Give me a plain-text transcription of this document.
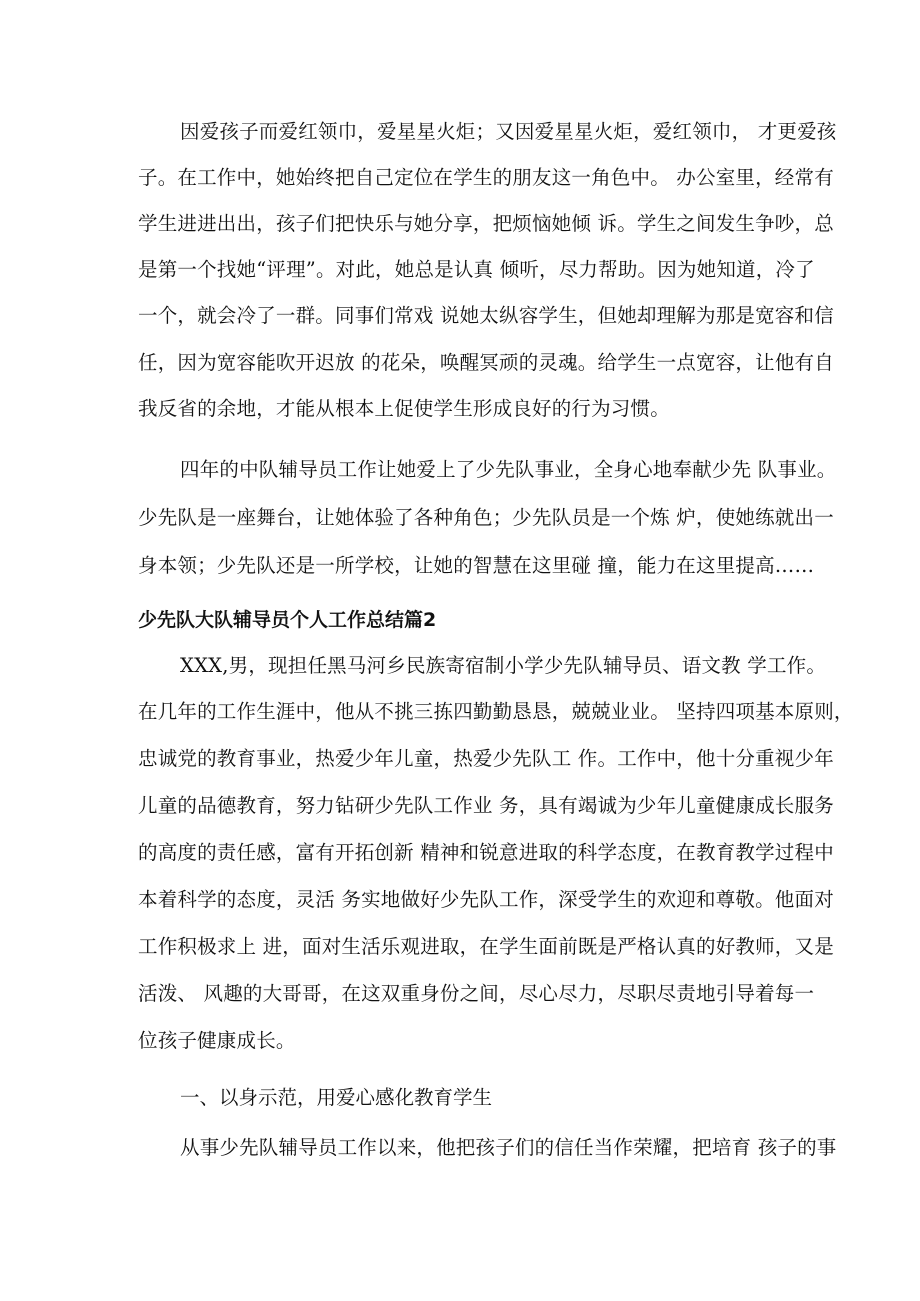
因爱孩子而爱红领巾，爱星星火炬；又因爱星星火炬，爱红领巾， 才更爱孩
子。在工作中，她始终把自己定位在学生的朋友这一角色中。 办公室里，经常有
学生进进出出，孩子们把快乐与她分享，把烦恼她倾 诉。学生之间发生争吵，总
是第一个找她“评理”。对此，她总是认真 倾听，尽力帮助。因为她知道，冷了
一个，就会冷了一群。同事们常戏 说她太纵容学生，但她却理解为那是宽容和信
任，因为宽容能吹开迟放 的花朵，唤醒冥顽的灵魂。给学生一点宽容，让他有自
我反省的余地，才能从根本上促使学生形成良好的行为习惯。
四年的中队辅导员工作让她爱上了少先队事业，全身心地奉献少先 队事业。
少先队是一座舞台，让她体验了各种角色；少先队员是一个炼 炉，使她练就出一
身本领；少先队还是一所学校，让她的智慧在这里碰 撞，能力在这里提高……
少先队大队辅导员个人工作总结篇2
XXX,男，现担任黑马河乡民族寄宿制小学少先队辅导员、语文教 学工作。
在几年的工作生涯中，他从不挑三拣四勤勤恳恳，兢兢业业。 坚持四项基本原则，
忠诚党的教育事业，热爱少年儿童，热爱少先队工 作。工作中，他十分重视少年
儿童的品德教育，努力钻研少先队工作业 务，具有竭诚为少年儿童健康成长服务
的高度的责任感，富有开拓创新 精神和锐意进取的科学态度，在教育教学过程中
本着科学的态度，灵活 务实地做好少先队工作，深受学生的欢迎和尊敬。他面对
工作积极求上 进，面对生活乐观进取，在学生面前既是严格认真的好教师，又是
活泼、 风趣的大哥哥，在这双重身份之间，尽心尽力，尽职尽责地引导着每一
位孩子健康成长。
一、以身示范，用爱心感化教育学生
从事少先队辅导员工作以来，他把孩子们的信任当作荣耀，把培育 孩子的事
